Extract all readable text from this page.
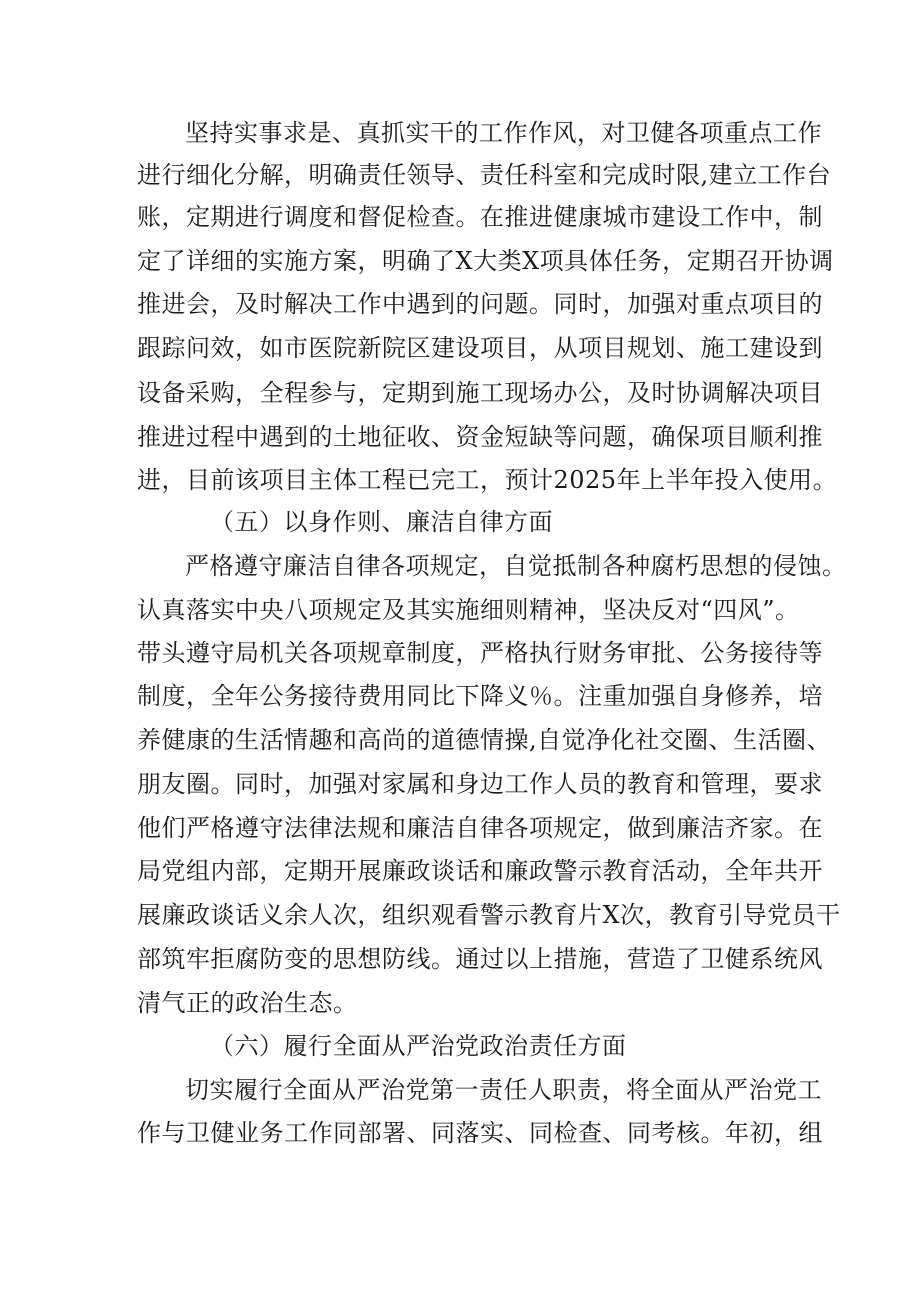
坚持实事求是、真抓实干的工作作风，对卫健各项重点工作
进行细化分解，明确责任领导、责任科室和完成时限,建立工作台
账，定期进行调度和督促检查。在推进健康城市建设工作中，制
定了详细的实施方案，明确了X大类X项具体任务，定期召开协调
推进会，及时解决工作中遇到的问题。同时，加强对重点项目的
跟踪问效，如市医院新院区建设项目，从项目规划、施工建设到
设备采购，全程参与，定期到施工现场办公，及时协调解决项目
推进过程中遇到的土地征收、资金短缺等问题，确保项目顺利推
进，目前该项目主体工程已完工，预计2025年上半年投入使用。
（五）以身作则、廉洁自律方面
严格遵守廉洁自律各项规定，自觉抵制各种腐朽思想的侵蚀。
认真落实中央八项规定及其实施细则精神，坚决反对“四风”。
带头遵守局机关各项规章制度，严格执行财务审批、公务接待等
制度，全年公务接待费用同比下降义％。注重加强自身修养，培
养健康的生活情趣和高尚的道德情操,自觉净化社交圈、生活圈、
朋友圈。同时，加强对家属和身边工作人员的教育和管理，要求
他们严格遵守法律法规和廉洁自律各项规定，做到廉洁齐家。在
局党组内部，定期开展廉政谈话和廉政警示教育活动，全年共开
展廉政谈话义余人次，组织观看警示教育片X次，教育引导党员干
部筑牢拒腐防变的思想防线。通过以上措施，营造了卫健系统风
清气正的政治生态。
（六）履行全面从严治党政治责任方面
切实履行全面从严治党第一责任人职责，将全面从严治党工
作与卫健业务工作同部署、同落实、同检查、同考核。年初，组
